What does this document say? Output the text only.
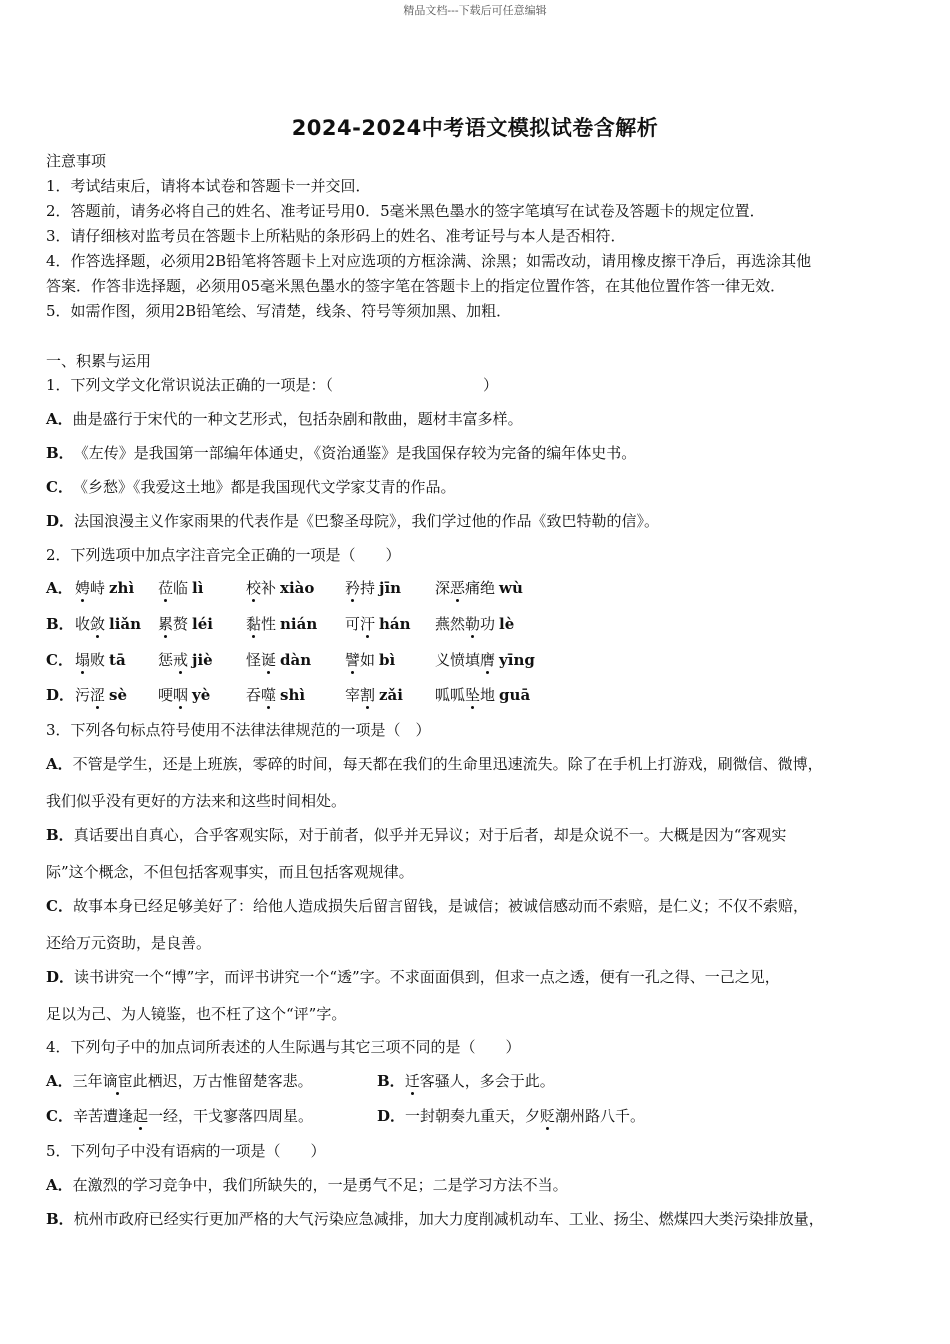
精品文档---下载后可任意编辑
2024-2024中考语文模拟试卷含解析
注意事项
1．考试结束后，请将本试卷和答题卡一并交回．
2．答题前，请务必将自己的姓名、准考证号用0．5毫米黑色墨水的签字笔填写在试卷及答题卡的规定位置．
3．请仔细核对监考员在答题卡上所粘贴的条形码上的姓名、准考证号与本人是否相符．
4．作答选择题，必须用2B铅笔将答题卡上对应选项的方框涂满、涂黑；如需改动，请用橡皮擦干净后，再选涂其他
答案．作答非选择题，必须用05毫米黑色墨水的签字笔在答题卡上的指定位置作答，在其他位置作答一律无效．
5．如需作图，须用2B铅笔绘、写清楚，线条、符号等须加黑、加粗．
一、积累与运用
1．下列文学文化常识说法正确的一项是：（　　　　　　　　　　）
A．曲是盛行于宋代的一种文艺形式，包括杂剧和散曲，题材丰富多样。
B．《左传》是我国第一部编年体通史，《资治通鉴》是我国保存较为完备的编年体史书。
C．《乡愁》《我爱这土地》都是我国现代文学家艾青的作品。
D．法国浪漫主义作家雨果的代表作是《巴黎圣母院》，我们学过他的作品《致巴特勒的信》。
2．下列选项中加点字注音完全正确的一项是（　　）
A． 娉峙 zhì 莅临 lì	校补 xiào 矜持 jīn 深恶痛绝 wù
B． 收敛 liǎn 累赘 léi 黏性 nián 可汗 hán 燕然勒功 lè
C． 塌败 tā 惩戒 jiè 怪诞 dàn 譬如 bì	义愤填膺 yīng
D． 污涩 sè 哽咽 yè 吞噬 shì	宰割 zǎi 呱呱坠地 guā
3．下列各句标点符号使用不法律法律规范的一项是（　）
A．不管是学生，还是上班族，零碎的时间，每天都在我们的生命里迅速流失。除了在手机上打游戏，刷微信、微博，
我们似乎没有更好的方法来和这些时间相处。
B．真话要出自真心，合乎客观实际，对于前者，似乎并无异议；对于后者，却是众说不一。大概是因为“客观实
际”这个概念，不但包括客观事实，而且包括客观规律。
C．故事本身已经足够美好了：给他人造成损失后留言留钱，是诚信；被诚信感动而不索赔，是仁义；不仅不索赔，
还给万元资助，是良善。
D．读书讲究一个“博”字，而评书讲究一个“透”字。不求面面俱到，但求一点之透，便有一孔之得、一己之见，
足以为己、为人镜鉴，也不枉了这个“评”字。
4．下列句子中的加点词所表述的人生际遇与其它三项不同的是（　　）
A．三年谪宦此栖迟，万古惟留楚客悲。	B．迁客骚人，多会于此。
C．辛苦遭逢起一经，干戈寥落四周星。	D．一封朝奏九重天，夕贬潮州路八千。
5．下列句子中没有语病的一项是（　　）
A．在激烈的学习竞争中，我们所缺失的，一是勇气不足；二是学习方法不当。
B．杭州市政府已经实行更加严格的大气污染应急减排，加大力度削减机动车、工业、扬尘、燃煤四大类污染排放量，
